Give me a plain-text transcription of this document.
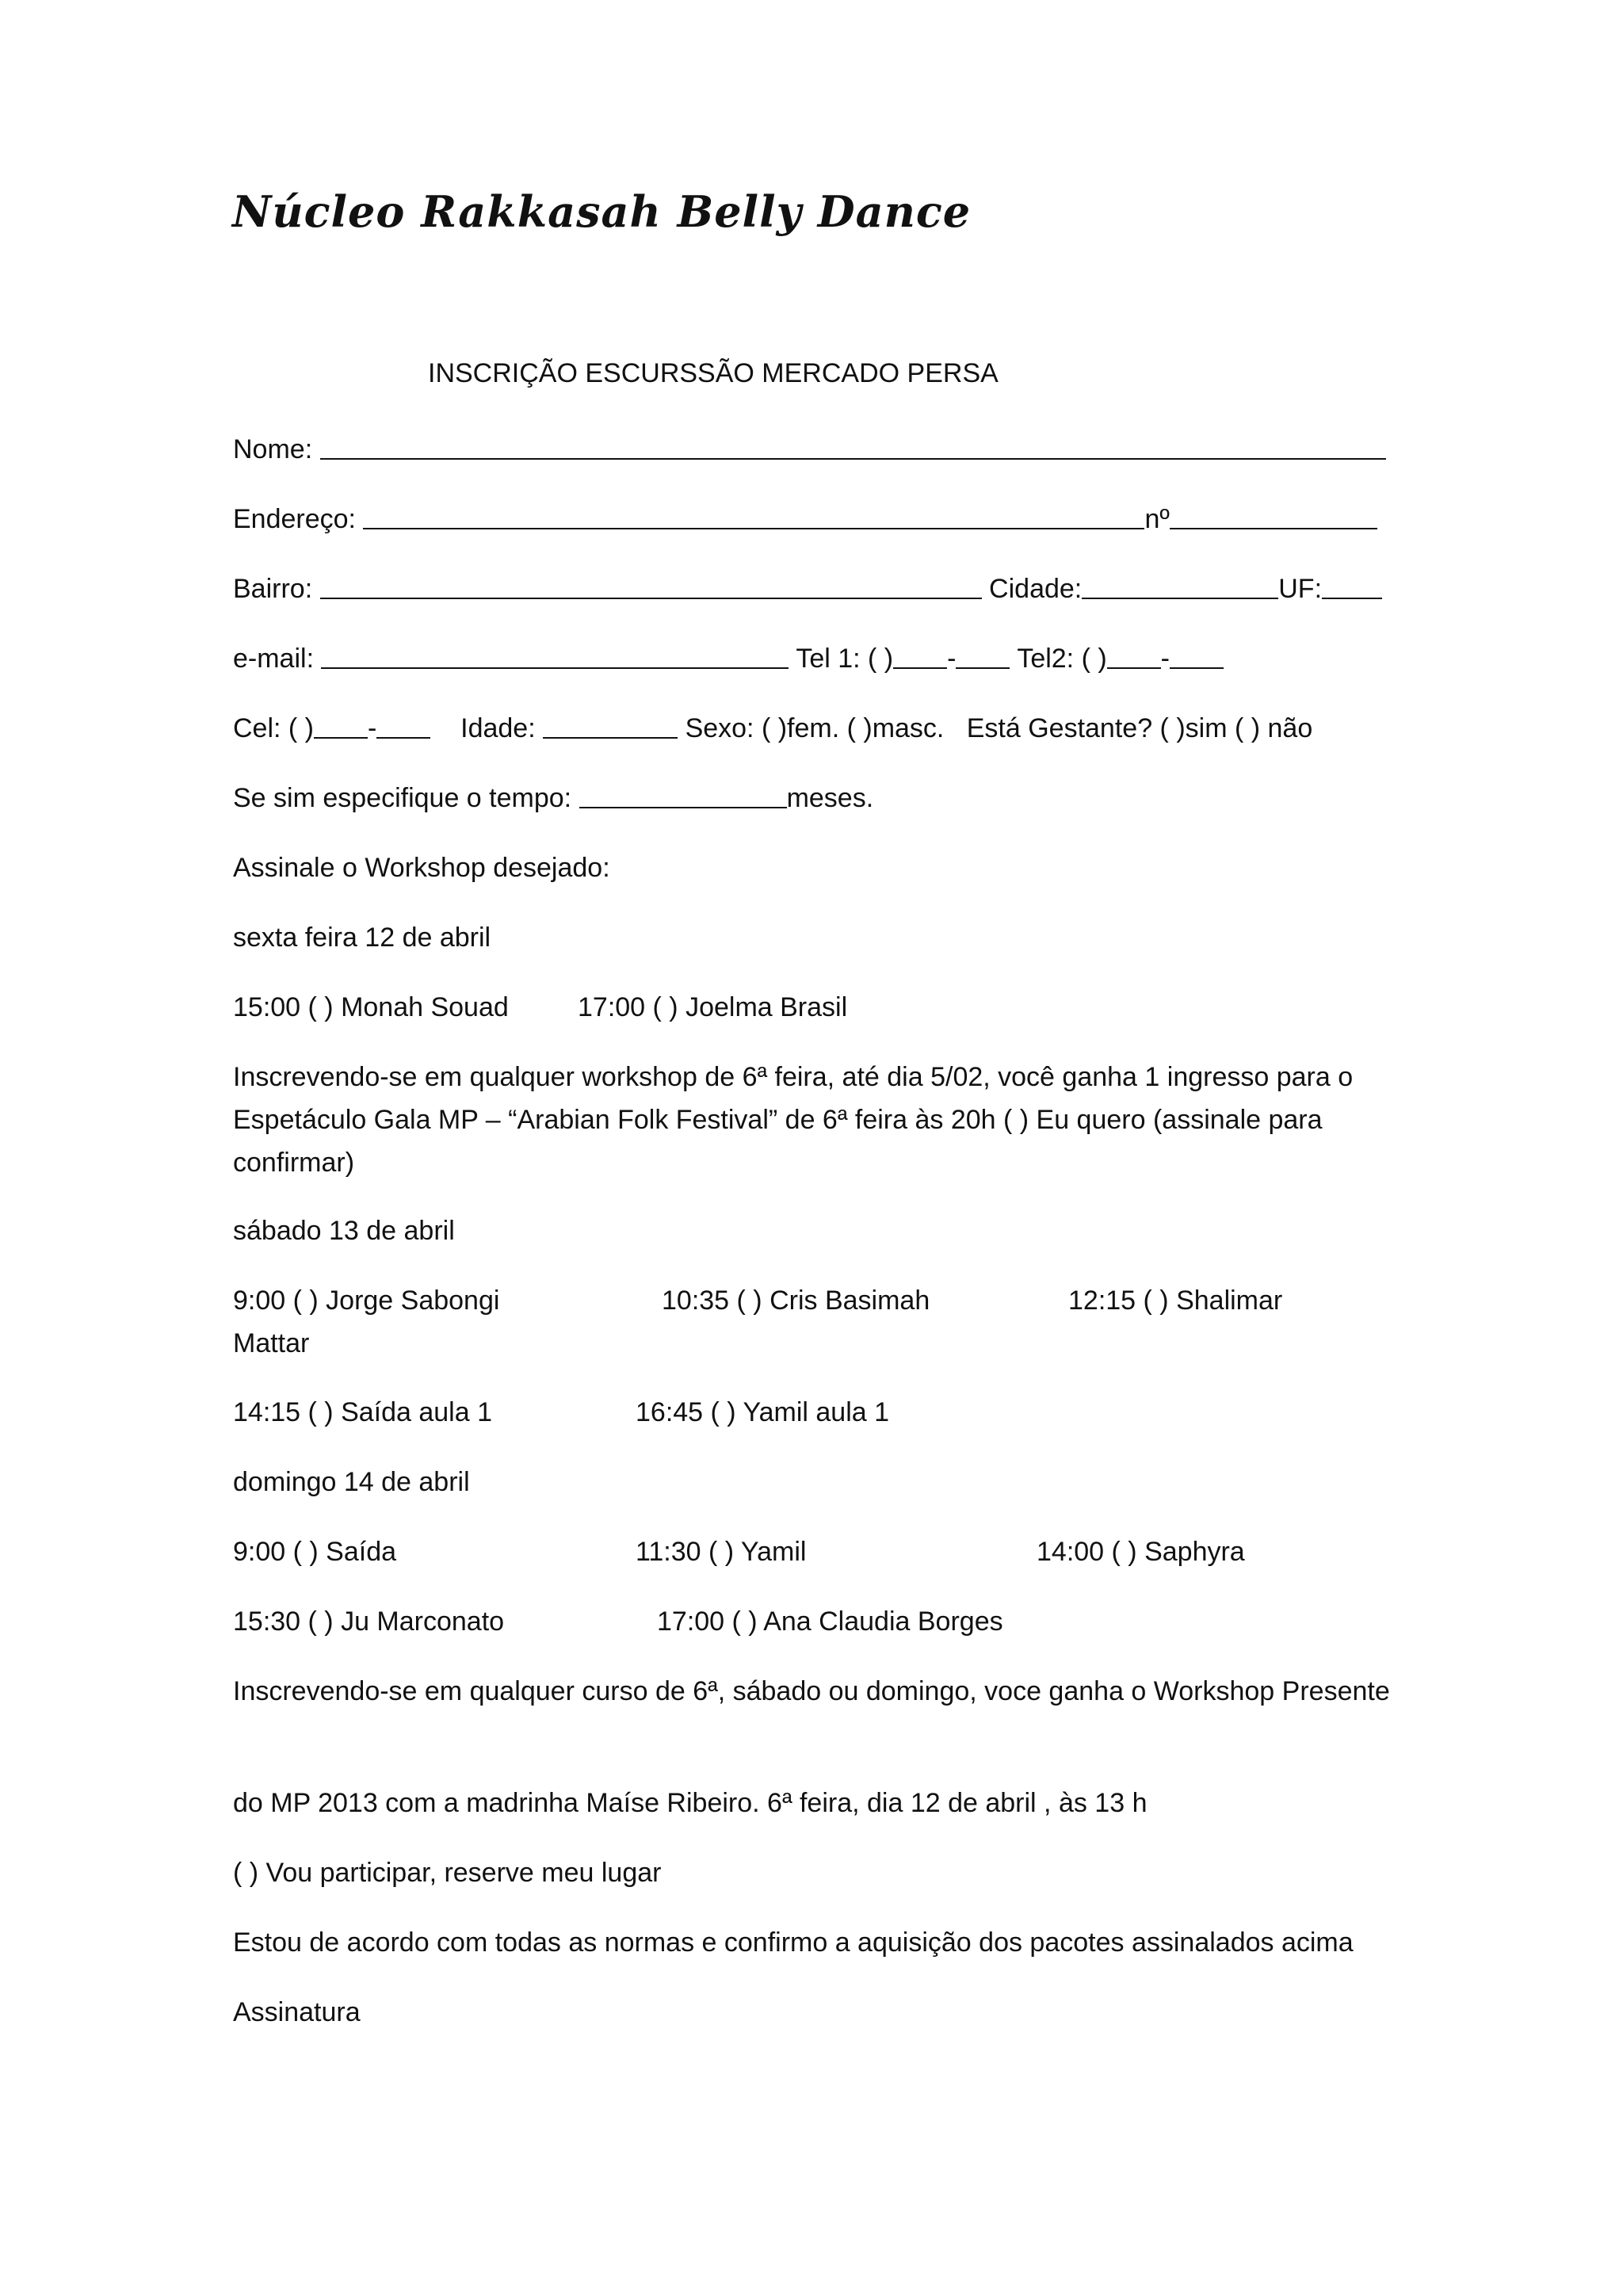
Núcleo Rakkasah Belly Dance
INSCRIÇÃO ESCURSSÃO MERCADO PERSA
Nome:
Endereço:	nº
Bairro:	Cidade:	UF:
e-mail:	Tel 1: ( ) - Tel2: ( ) -
Cel: ( ) -	Idade:	Sexo: ( )fem. ( )masc. Está Gestante? ( )sim ( ) não
Se sim especifique o tempo:	meses.
Assinale o Workshop desejado:
sexta feira 12 de abril
15:00 ( ) Monah Souad	17:00 ( ) Joelma Brasil
Inscrevendo-se em qualquer workshop de 6ª feira, até dia 5/02, você ganha 1 ingresso para o Espetáculo Gala MP – “Arabian Folk Festival” de 6ª feira às 20h ( ) Eu quero (assinale para confirmar)
sábado 13 de abril
9:00 ( ) Jorge Sabongi	10:35 ( ) Cris Basimah	12:15 ( ) Shalimar
Mattar
14:15 ( ) Saída aula 1	16:45 ( ) Yamil aula 1
domingo 14 de abril
9:00 ( ) Saída	11:30 ( ) Yamil	14:00 ( ) Saphyra
15:30 ( ) Ju Marconato	17:00 ( ) Ana Claudia Borges
Inscrevendo-se em qualquer curso de 6ª, sábado ou domingo, voce ganha o Workshop Presente
do MP 2013 com a madrinha Maíse Ribeiro. 6ª feira, dia 12 de abril , às 13 h
( ) Vou participar, reserve meu lugar
Estou de acordo com todas as normas e confirmo a aquisição dos pacotes assinalados acima
Assinatura
